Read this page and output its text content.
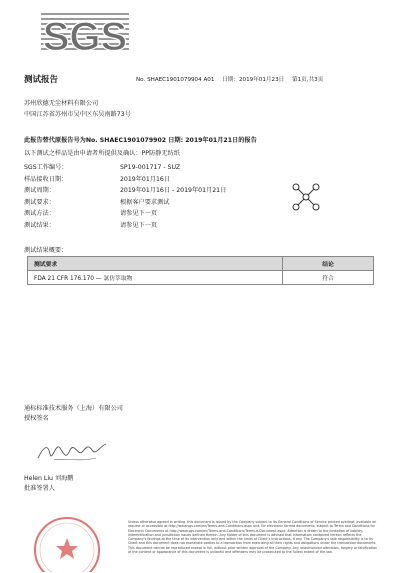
SGS
测试报告	No. SHAEC1901079904 A01 日期：2019年01月23日 第1页,共3页
苏州欣德无尘材料有限公司
中国江苏省苏州市吴中区东吴南路73号
此报告替代原报告号为No. SHAEC1901079902 日期: 2019年01月21日的报告
以下测试之样品是由申请者所提供及确认：PP防静无纺纸
SGS工作编号：	SP19-001717 - SUZ
样品接收日期：	2019年01月16日
测试周期：	2019年01月16日 - 2019年01月21日
测试要求：	根据客户要求测试
测试方法：	请参见下一页
测试结果：	请参见下一页
测试结果概要：
测试要求	结论
FDA 21 CFR 176.170 — 氯仿萃取物	符合
通标标准技术服务（上海）有限公司
授权签名
Helen Liu 刘海鹏
批准签署人

Unless otherwise agreed in writing, this document is issued by the Company subject to its General Conditions of Service printed overleaf, available on request or accessible at http://www.sgs.com/en/Terms-and-Conditions.aspx and, for electronic format documents, subject to Terms and Conditions for Electronic Documents at http://www.sgs.com/en/Terms-and-Conditions/Terms-e-Document.aspx. Attention is drawn to the limitation of liability, indemnification and jurisdiction issues defined therein. Any holder of this document is advised that information contained hereon reflects the Company's findings at the time of its intervention only and within the limits of Client's instructions, if any. The Company's sole responsibility is to its Client and this document does not exonerate parties to a transaction from exercising all their rights and obligations under the transaction documents. This document cannot be reproduced except in full, without prior written approval of the Company. Any unauthorized alteration, forgery or falsification of the content or appearance of this document is unlawful and offenders may be prosecuted to the fullest extent of the law.
